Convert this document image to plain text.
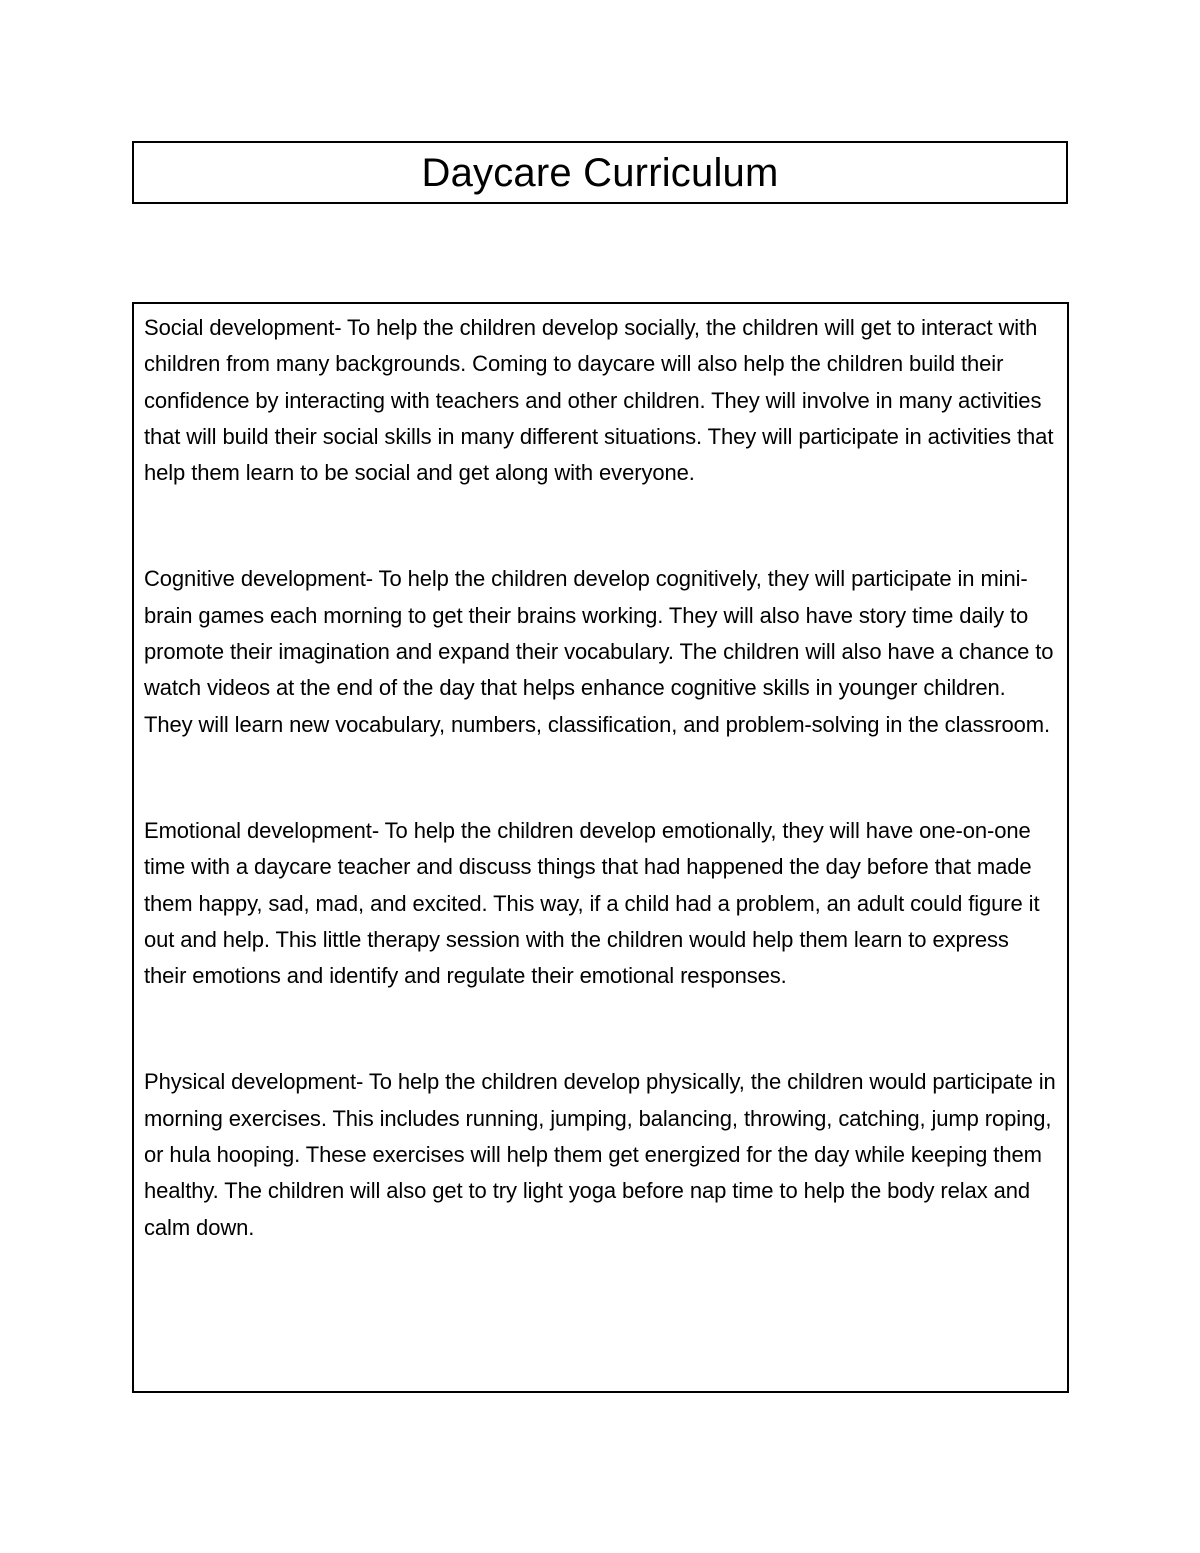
Daycare Curriculum

Social development- To help the children develop socially, the children will get to interact with children from many backgrounds. Coming to daycare will also help the children build their confidence by interacting with teachers and other children. They will involve in many activities that will build their social skills in many different situations. They will participate in activities that help them learn to be social and get along with everyone.

Cognitive development- To help the children develop cognitively, they will participate in mini-brain games each morning to get their brains working. They will also have story time daily to promote their imagination and expand their vocabulary. The children will also have a chance to watch videos at the end of the day that helps enhance cognitive skills in younger children. They will learn new vocabulary, numbers, classification, and problem-solving in the classroom.

Emotional development- To help the children develop emotionally, they will have one-on-one time with a daycare teacher and discuss things that had happened the day before that made them happy, sad, mad, and excited. This way, if a child had a problem, an adult could figure it out and help. This little therapy session with the children would help them learn to express their emotions and identify and regulate their emotional responses.

Physical development- To help the children develop physically, the children would participate in morning exercises. This includes running, jumping, balancing, throwing, catching, jump roping, or hula hooping. These exercises will help them get energized for the day while keeping them healthy. The children will also get to try light yoga before nap time to help the body relax and calm down.
